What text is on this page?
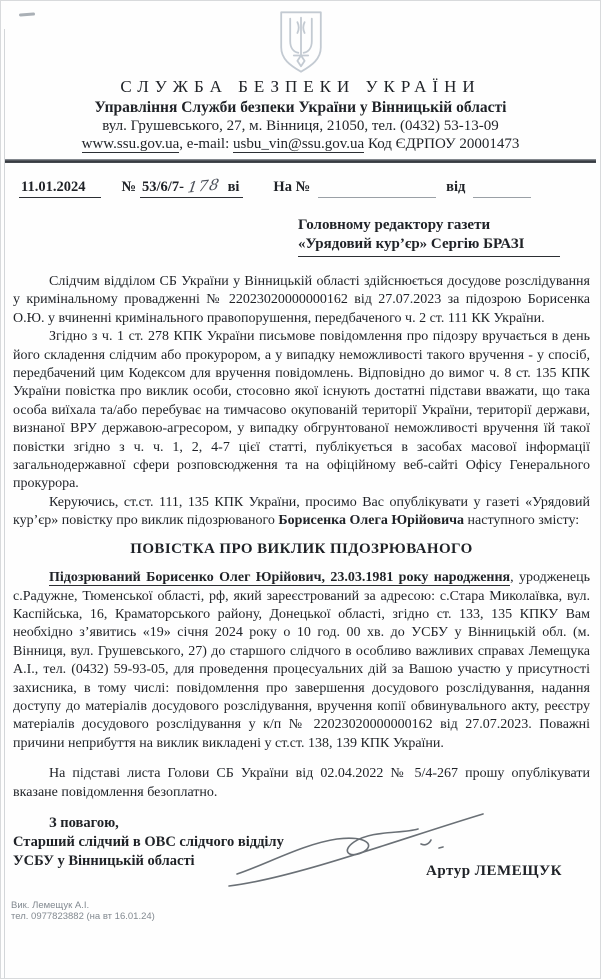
СЛУЖБА БЕЗПЕКИ УКРАЇНИ
Управління Служби безпеки України у Вінницькій області
вул. Грушевського, 27, м. Вінниця, 21050, тел. (0432) 53-13-09
www.ssu.gov.ua, e-mail: usbu_vin@ssu.gov.ua Код ЄДРПОУ 20001473
11.01.2024	№ 53/6/7- 178 ві На №	від
Головному редактору газети
«Урядовий кур’єр» Сергію БРАЗІ

Слідчим відділом СБ України у Вінницькій області здійснюється досудове розслідування у кримінальному провадженні № 22023020000000162 від 27.07.2023 за підозрою Борисенка О.Ю. у вчиненні кримінального правопорушення, передбаченого ч. 2 ст. 111 КК України.

Згідно з ч. 1 ст. 278 КПК України письмове повідомлення про підозру вручається в день його складення слідчим або прокурором, а у випадку неможливості такого вручення - у спосіб, передбачений цим Кодексом для вручення повідомлень. Відповідно до вимог ч. 8 ст. 135 КПК України повістка про виклик особи, стосовно якої існують достатні підстави вважати, що така особа виїхала та/або перебуває на тимчасово окупованій території України, території держави, визнаної ВРУ державою-агресором, у випадку обгрунтованої неможливості вручення їй такої повістки згідно з ч. ч. 1, 2, 4-7 цієї статті, публікується в засобах масової інформації загальнодержавної сфери розповсюдження та на офіційному веб-сайті Офісу Генерального прокурора.

Керуючись, ст.ст. 111, 135 КПК України, просимо Вас опублікувати у газеті «Урядовий кур’єр» повістку про виклик підозрюваного Борисенка Олега Юрійовича наступного змісту:

ПОВІСТКА ПРО ВИКЛИК ПІДОЗРЮВАНОГО

Підозрюваний Борисенко Олег Юрійович, 23.03.1981 року народження, уродженець с.Радужне, Тюменської області, рф, який зареєстрований за адресою: с.Стара Миколаївка, вул. Каспійська, 16, Краматорського району, Донецької області, згідно ст. 133, 135 КПКУ Вам необхідно з’явитись «19» січня 2024 року о 10 год. 00 хв. до УСБУ у Вінницькій обл. (м. Вінниця, вул. Грушевського, 27) до старшого слідчого в особливо важливих справах Лемещука А.І., тел. (0432) 59-93-05, для проведення процесуальних дій за Вашою участю у присутності захисника, в тому числі: повідомлення про завершення досудового розслідування, надання доступу до матеріалів досудового розслідування, вручення копії обвинувального акту, реєстру матеріалів досудового розслідування у к/п № 22023020000000162 від 27.07.2023. Поважні причини неприбуття на виклик викладені у ст.ст. 138, 139 КПК України.

На підставі листа Голови СБ України від 02.04.2022 № 5/4-267 прошу опублікувати вказане повідомлення безоплатно.

З повагою,
Старший слідчий в ОВС слідчого відділу
УСБУ у Вінницькій області
Артур ЛЕМЕЩУК
Вик. Лемещук А.І.
тел. 0977823882 (на вт 16.01.24)
